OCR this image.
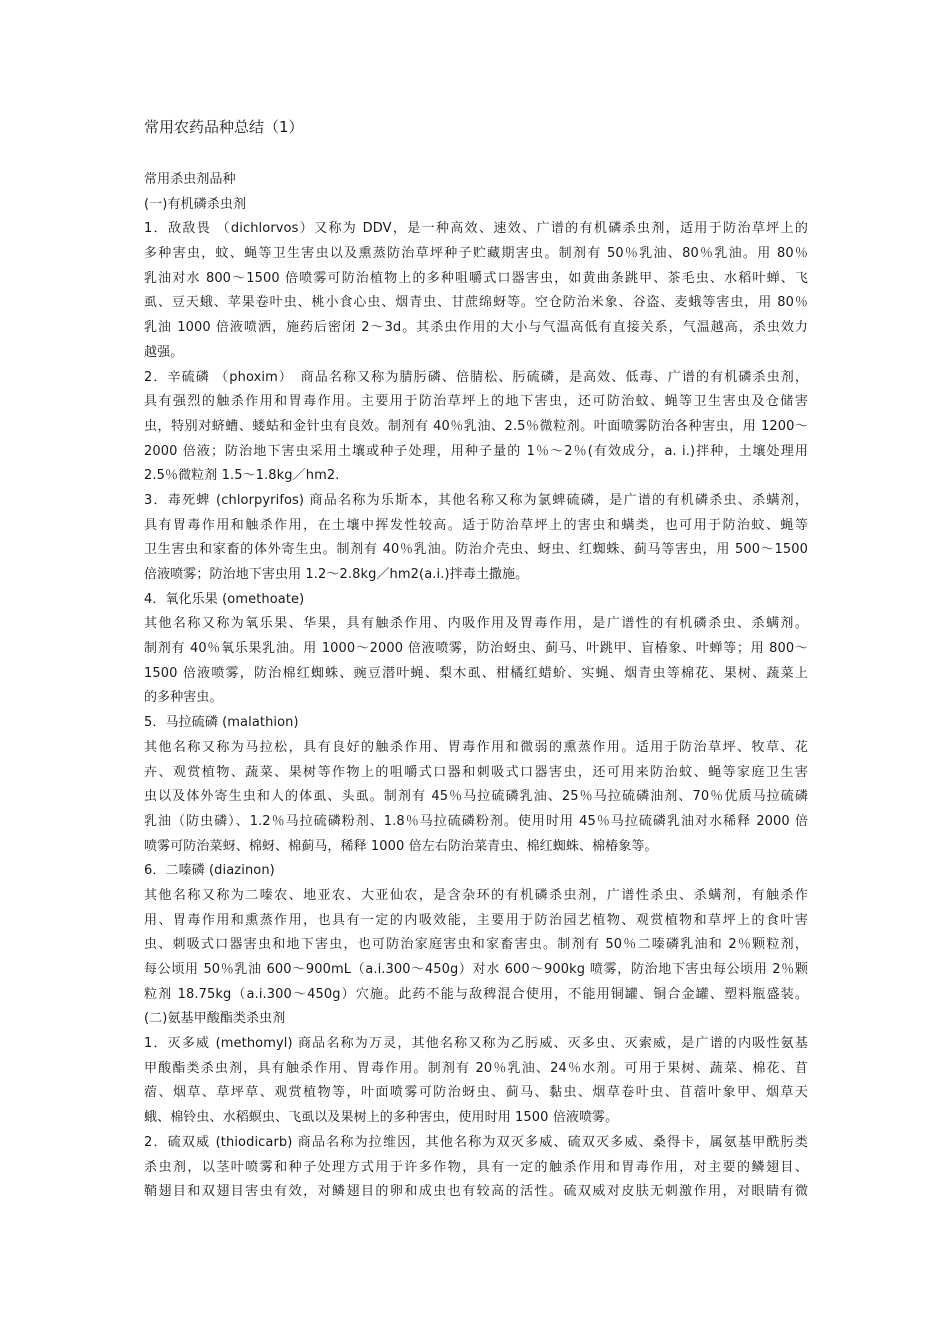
常用农药品种总结（1）
常用杀虫剂品种
(一)有机磷杀虫剂
1．敌敌畏 （dichlorvos）又称为 DDV，是一种高效、速效、广谱的有机磷杀虫剂，适用于防治草坪上的
多种害虫，蚊、蝇等卫生害虫以及熏蒸防治草坪种子贮藏期害虫。制剂有 50％乳油、80％乳油。用 80％
乳油对水 800～1500 倍喷雾可防治植物上的多种咀嚼式口器害虫，如黄曲条跳甲、茶毛虫、水稻叶蝉、飞
虱、豆天蛾、苹果卷叶虫、桃小食心虫、烟青虫、甘蔗绵蚜等。空仓防治米象、谷盗、麦蛾等害虫，用 80％
乳油 1000 倍液喷洒，施药后密闭 2～3d。其杀虫作用的大小与气温高低有直接关系，气温越高，杀虫效力
越强。
2．辛硫磷 （phoxim）　商品名称又称为腈肟磷、倍腈松、肟硫磷，是高效、低毒、广谱的有机磷杀虫剂，
具有强烈的触杀作用和胃毒作用。主要用于防治草坪上的地下害虫，还可防治蚊、蝇等卫生害虫及仓储害
虫，特别对蛴螬、蝼蛄和金针虫有良效。制剂有 40％乳油、2.5％微粒剂。叶面喷雾防治各种害虫，用 1200～
2000 倍液；防治地下害虫采用土壤或种子处理，用种子量的 1％～2％(有效成分，a. i.)拌种，土壤处理用
2.5％微粒剂 1.5～1.8kg／hm2.
3．毒死蜱 (chlorpyrifos) 商品名称为乐斯本，其他名称又称为氯蜱硫磷，是广谱的有机磷杀虫、杀螨剂，
具有胃毒作用和触杀作用，在土壤中挥发性较高。适于防治草坪上的害虫和螨类，也可用于防治蚊、蝇等
卫生害虫和家畜的体外寄生虫。制剂有 40％乳油。防治介壳虫、蚜虫、红蜘蛛、蓟马等害虫，用 500～1500
倍液喷雾；防治地下害虫用 1.2～2.8kg／hm2(a.i.)拌毒土撒施。
4．氧化乐果 (omethoate)
其他名称又称为氧乐果、华果，具有触杀作用、内吸作用及胃毒作用，是广谱性的有机磷杀虫、杀螨剂。
制剂有 40％氧乐果乳油。用 1000～2000 倍液喷雾，防治蚜虫、蓟马、叶跳甲、盲椿象、叶蝉等；用 800～
1500 倍液喷雾，防治棉红蜘蛛、豌豆潜叶蝇、梨木虱、柑橘红蜡蚧、实蝇、烟青虫等棉花、果树、蔬菜上
的多种害虫。
5．马拉硫磷 (malathion)
其他名称又称为马拉松，具有良好的触杀作用、胃毒作用和微弱的熏蒸作用。适用于防治草坪、牧草、花
卉、观赏植物、蔬菜、果树等作物上的咀嚼式口器和刺吸式口器害虫，还可用来防治蚊、蝇等家庭卫生害
虫以及体外寄生虫和人的体虱、头虱。制剂有 45％马拉硫磷乳油、25％马拉硫磷油剂、70％优质马拉硫磷
乳油（防虫磷）、1.2％马拉硫磷粉剂、1.8％马拉硫磷粉剂。使用时用 45％马拉硫磷乳油对水稀释 2000 倍
喷雾可防治菜蚜、棉蚜、棉蓟马，稀释 1000 倍左右防治菜青虫、棉红蜘蛛、棉椿象等。
6．二嗪磷 (diazinon)
其他名称又称为二嗪农、地亚农、大亚仙农，是含杂环的有机磷杀虫剂，广谱性杀虫、杀螨剂，有触杀作
用、胃毒作用和熏蒸作用，也具有一定的内吸效能，主要用于防治园艺植物、观赏植物和草坪上的食叶害
虫、刺吸式口器害虫和地下害虫，也可防治家庭害虫和家畜害虫。制剂有 50％二嗪磷乳油和 2％颗粒剂，
每公顷用 50％乳油 600～900mL（a.i.300～450g）对水 600～900kg 喷雾，防治地下害虫每公顷用 2％颗
粒剂 18.75kg（a.i.300～450g）穴施。此药不能与敌稗混合使用，不能用铜罐、铜合金罐、塑料瓶盛装。
(二)氨基甲酸酯类杀虫剂
1．灭多威 (methomyl) 商品名称为万灵，其他名称又称为乙肟威、灭多虫、灭索威，是广谱的内吸性氨基
甲酸酯类杀虫剂，具有触杀作用、胃毒作用。制剂有 20％乳油、24％水剂。可用于果树、蔬菜、棉花、苜
蓿、烟草、草坪草、观赏植物等，叶面喷雾可防治蚜虫、蓟马、黏虫、烟草卷叶虫、苜蓿叶象甲、烟草天
蛾、棉铃虫、水稻螟虫、飞虱以及果树上的多种害虫，使用时用 1500 倍液喷雾。
2．硫双威 (thiodicarb) 商品名称为拉维因，其他名称为双灭多威、硫双灭多威、桑得卡，属氨基甲酰肟类
杀虫剂，以茎叶喷雾和种子处理方式用于许多作物，具有一定的触杀作用和胃毒作用，对主要的鳞翅目、
鞘翅目和双翅目害虫有效，对鳞翅目的卵和成虫也有较高的活性。硫双威对皮肤无刺激作用，对眼睛有微
